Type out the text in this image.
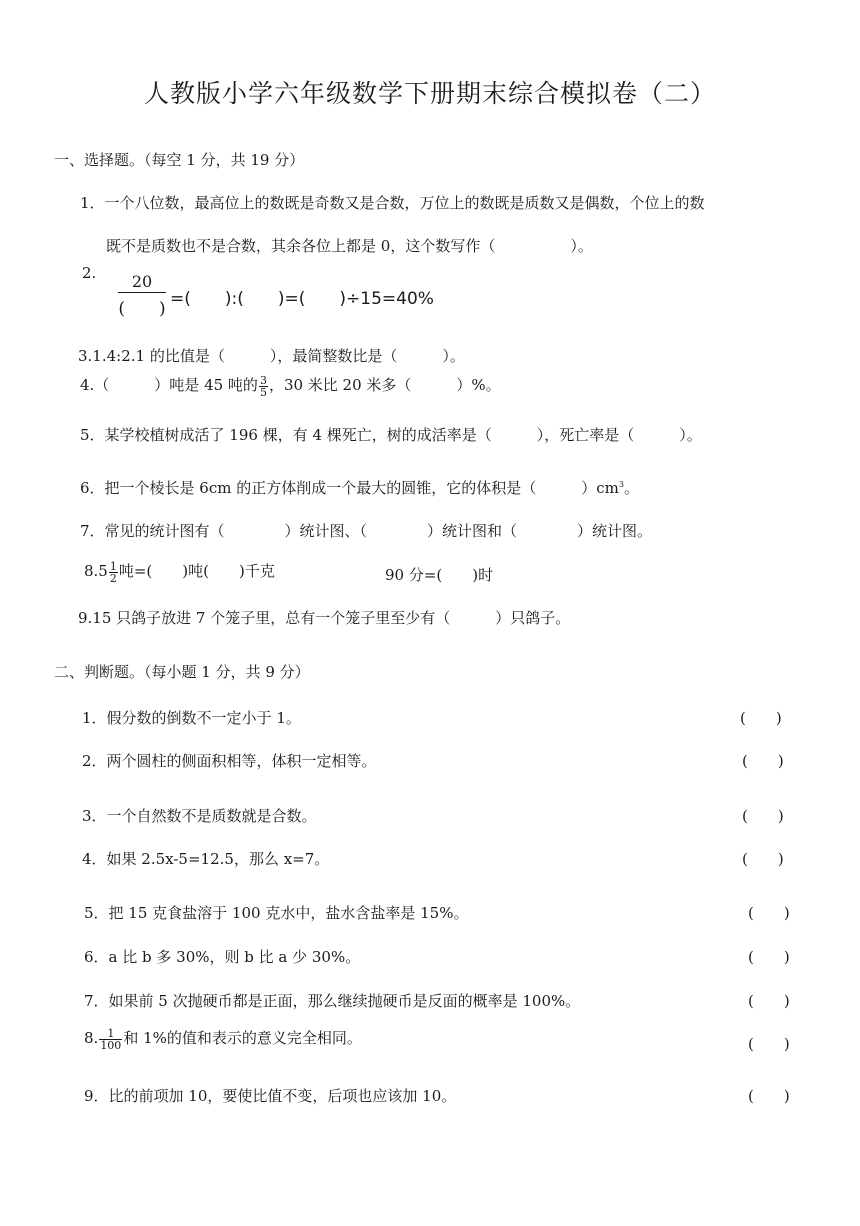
人教版小学六年级数学下册期末综合模拟卷（二）
一、选择题。（每空 1 分，共 19 分）
1．一个八位数，最高位上的数既是奇数又是合数，万位上的数既是质数又是偶数，个位上的数
既不是质数也不是合数，其余各位上都是 0，这个数写作（　　　　　）。
2.	20
(　　) =(　　):(　　)=(　　)÷15=40%
3.1.4:2.1 的比值是（　　　），最简整数比是（　　　）。
4.（　　　）吨是 45 吨的 $\frac{3}{5}$ ，30 米比 20 米多（　　　）%。
5．某学校植树成活了 196 棵，有 4 棵死亡，树的成活率是（　　　），死亡率是（　　　）。
6．把一个棱长是 6cm 的正方体削成一个最大的圆锥，它的体积是（　　　）$cm^3$。
7．常见的统计图有（　　　　）统计图、（　　　　）统计图和（　　　　）统计图。
$8.5 \frac{1}{2}$ 吨=(　　)吨(　　)千克	90 分=(　　)时
9.15 只鸽子放进 7 个笼子里，总有一个笼子里至少有（　　　）只鸽子。
二、判断题。（每小题 1 分，共 9 分）
1．假分数的倒数不一定小于 1。	(　　)
2．两个圆柱的侧面积相等，体积一定相等。	(　　)
3．一个自然数不是质数就是合数。	(　　)
4．如果 2.5x-5=12.5，那么 x=7。	(　　)
5．把 15 克食盐溶于 100 克水中，盐水含盐率是 15%。	(　　)
6．a 比 b 多 30%，则 b 比 a 少 30%。	(　　)
7．如果前 5 次抛硬币都是正面，那么继续抛硬币是反面的概率是 100%。	(　　)
8. $\frac{1}{100}$ 和 1%的值和表示的意义完全相同。	(　　)
9．比的前项加 10，要使比值不变，后项也应该加 10。	(　　)
